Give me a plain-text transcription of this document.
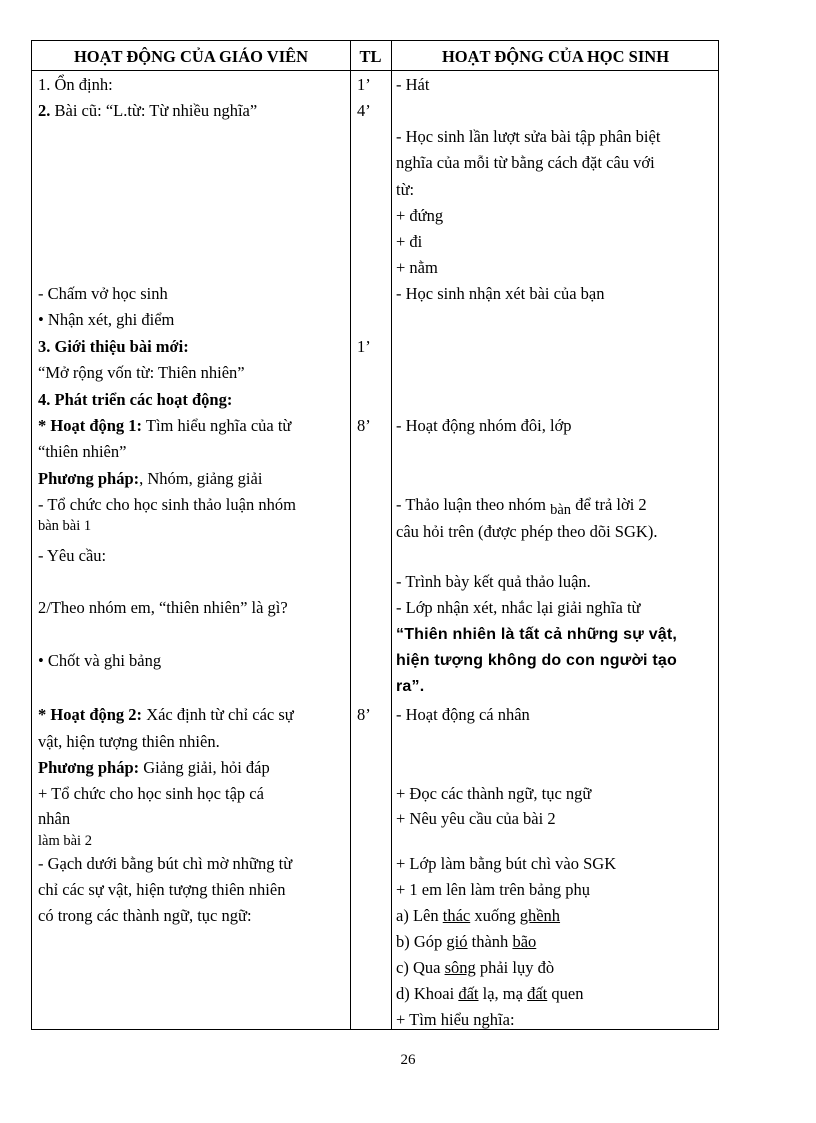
HOẠT ĐỘNG CỦA GIÁO VIÊN	TL	HOẠT ĐỘNG CỦA HỌC SINH
1. Ổn định:
2. Bài cũ: “L.từ: Từ nhiều nghĩa”
- Chấm vở học sinh
• Nhận xét, ghi điểm
3. Giới thiệu bài mới:
“Mở rộng vốn từ: Thiên nhiên”
4. Phát triển các hoạt động:
* Hoạt động 1: Tìm hiểu nghĩa của từ
“thiên nhiên”
Phương pháp:, Nhóm, giảng giải
- Tổ chức cho học sinh thảo luận nhóm
bàn bài 1
- Yêu cầu:
2/Theo nhóm em, “thiên nhiên” là gì?
• Chốt và ghi bảng
* Hoạt động 2: Xác định từ chỉ các sự
vật, hiện tượng thiên nhiên.
Phương pháp: Giảng giải, hỏi đáp
+ Tổ chức cho học sinh học tập cá
nhân
làm bài 2
- Gạch dưới bằng bút chì mờ những từ
chỉ các sự vật, hiện tượng thiên nhiên
có trong các thành ngữ, tục ngữ:
1’
4’
1’
8’
8’
- Hát
- Học sinh lần lượt sửa bài tập phân biệt
nghĩa của mỗi từ bằng cách đặt câu với
từ:
+ đứng
+ đi
+ nằm
- Học sinh nhận xét bài của bạn
- Hoạt động nhóm đôi, lớp
- Thảo luận theo nhóm bàn để trả lời 2
câu hỏi trên (được phép theo dõi SGK).
- Trình bày kết quả thảo luận.
- Lớp nhận xét, nhắc lại giải nghĩa từ
“Thiên nhiên là tất cả những sự vật,
hiện tượng không do con người tạo
ra”.
- Hoạt động cá nhân
+ Đọc các thành ngữ, tục ngữ
+ Nêu yêu cầu của bài 2
+ Lớp làm bằng bút chì vào SGK
+ 1 em lên làm trên bảng phụ
a) Lên thác xuống ghềnh
b) Góp gió thành bão
c) Qua sông phải lụy đò
d) Khoai đất lạ, mạ đất quen
+ Tìm hiểu nghĩa:
26
